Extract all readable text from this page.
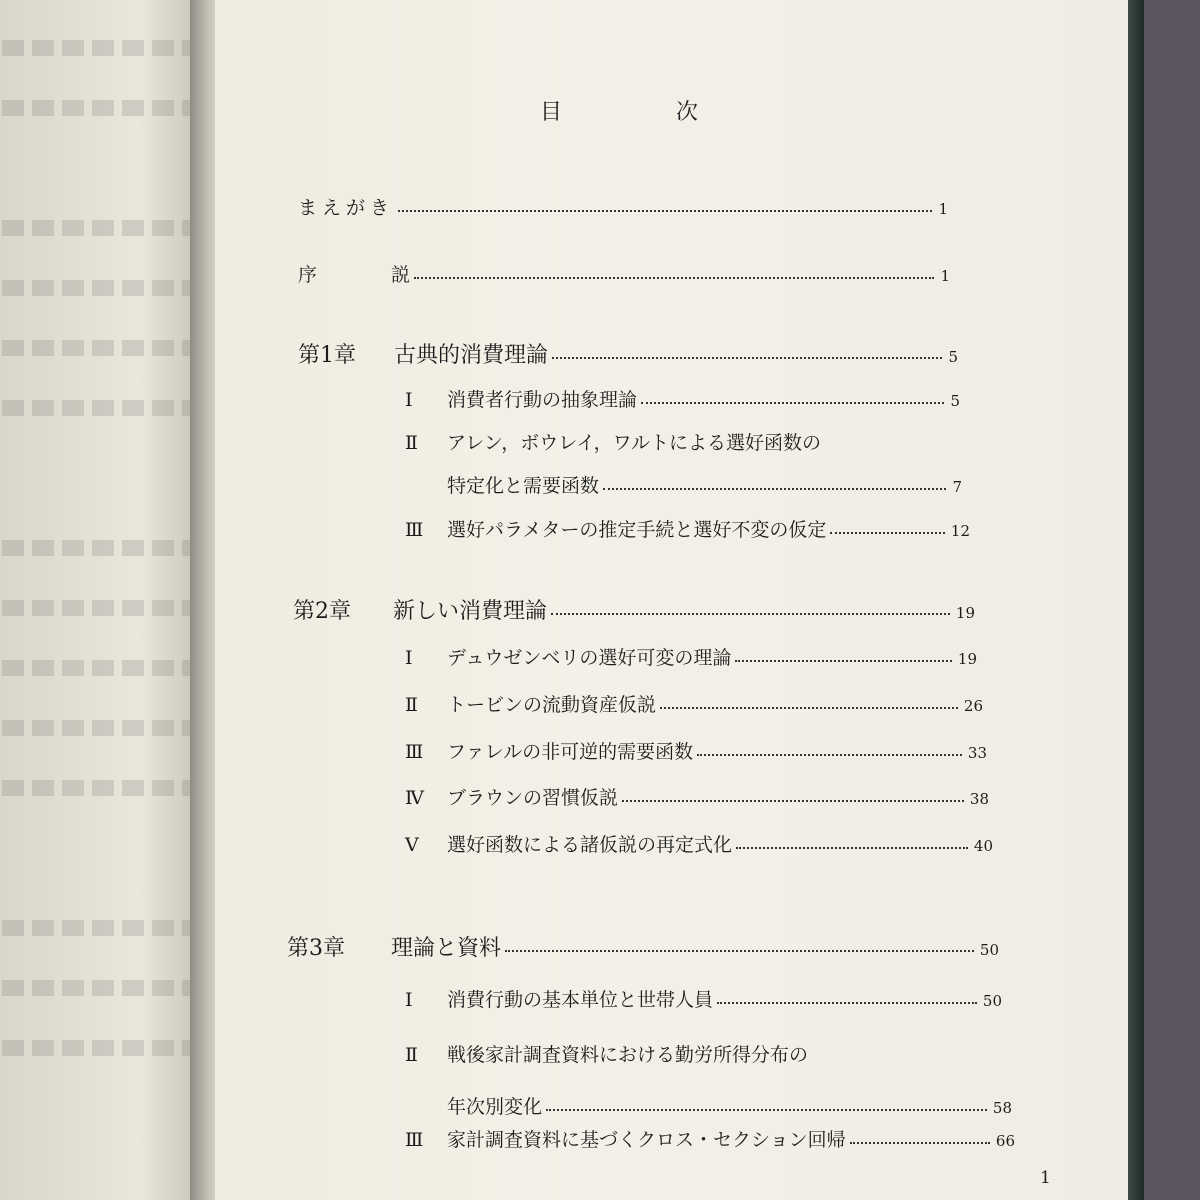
目	次
まえがき	1
序	説	1
第1章	古典的消費理論	5
Ⅰ	消費者行動の抽象理論	5
Ⅱ	アレン，ボウレイ，ワルトによる選好函数の
特定化と需要函数	7
Ⅲ	選好パラメターの推定手続と選好不変の仮定	12
第2章	新しい消費理論	19
Ⅰ	デュウゼンベリの選好可変の理論	19
Ⅱ	トービンの流動資産仮説	26
Ⅲ	ファレルの非可逆的需要函数	33
Ⅳ	ブラウンの習慣仮説	38
Ⅴ	選好函数による諸仮説の再定式化	40
第3章	理論と資料	50
Ⅰ	消費行動の基本単位と世帯人員	50
Ⅱ	戦後家計調査資料における勤労所得分布の
年次別変化	58
Ⅲ	家計調査資料に基づくクロス・セクション回帰	66
1
